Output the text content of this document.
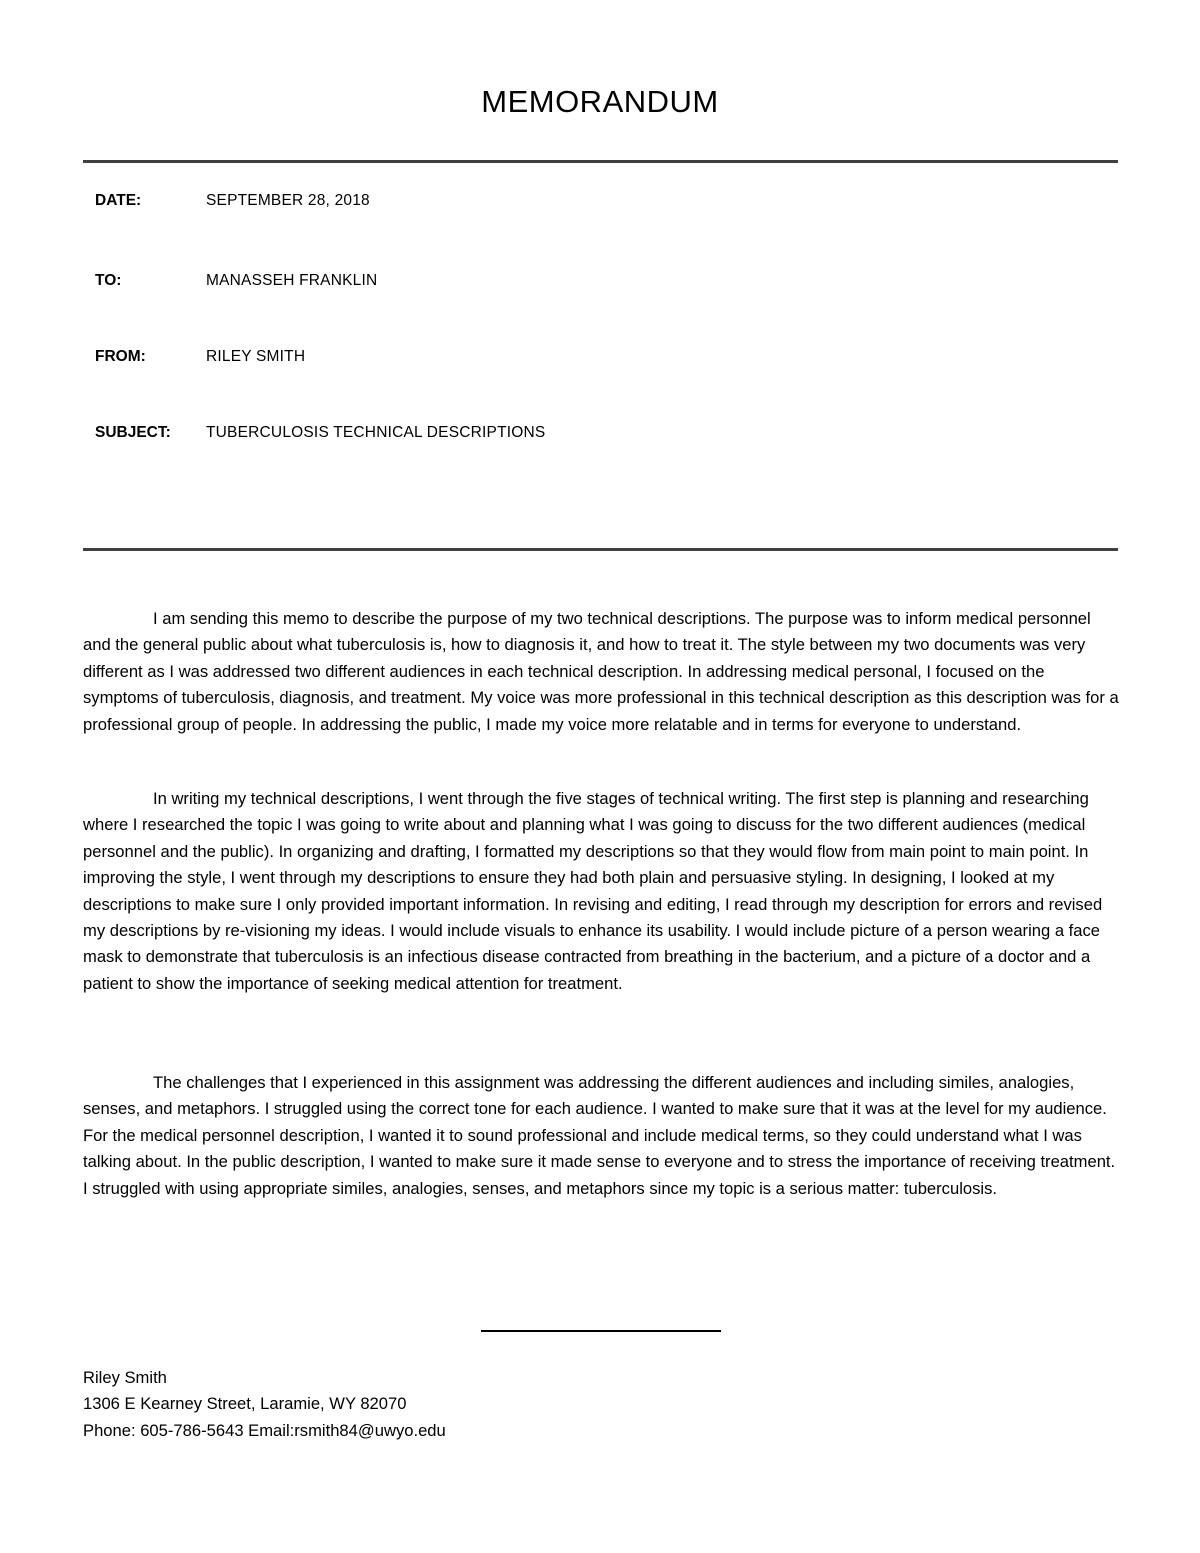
MEMORANDUM
DATE:	SEPTEMBER 28, 2018
TO:	MANASSEH FRANKLIN
FROM:	RILEY SMITH
SUBJECT:	TUBERCULOSIS TECHNICAL DESCRIPTIONS

I am sending this memo to describe the purpose of my two technical descriptions. The purpose was to inform medical personnel and the general public about what tuberculosis is, how to diagnosis it, and how to treat it. The style between my two documents was very different as I was addressed two different audiences in each technical description. In addressing medical personal, I focused on the symptoms of tuberculosis, diagnosis, and treatment. My voice was more professional in this technical description as this description was for a professional group of people. In addressing the public, I made my voice more relatable and in terms for everyone to understand.

In writing my technical descriptions, I went through the five stages of technical writing. The first step is planning and researching where I researched the topic I was going to write about and planning what I was going to discuss for the two different audiences (medical personnel and the public). In organizing and drafting, I formatted my descriptions so that they would flow from main point to main point. In improving the style, I went through my descriptions to ensure they had both plain and persuasive styling. In designing, I looked at my descriptions to make sure I only provided important information. In revising and editing, I read through my description for errors and revised my descriptions by re-visioning my ideas. I would include visuals to enhance its usability. I would include picture of a person wearing a face mask to demonstrate that tuberculosis is an infectious disease contracted from breathing in the bacterium, and a picture of a doctor and a patient to show the importance of seeking medical attention for treatment.

The challenges that I experienced in this assignment was addressing the different audiences and including similes, analogies, senses, and metaphors. I struggled using the correct tone for each audience. I wanted to make sure that it was at the level for my audience. For the medical personnel description, I wanted it to sound professional and include medical terms, so they could understand what I was talking about. In the public description, I wanted to make sure it made sense to everyone and to stress the importance of receiving treatment. I struggled with using appropriate similes, analogies, senses, and metaphors since my topic is a serious matter: tuberculosis.

Riley Smith
1306 E Kearney Street, Laramie, WY 82070
Phone: 605-786-5643 Email:rsmith84@uwyo.edu
